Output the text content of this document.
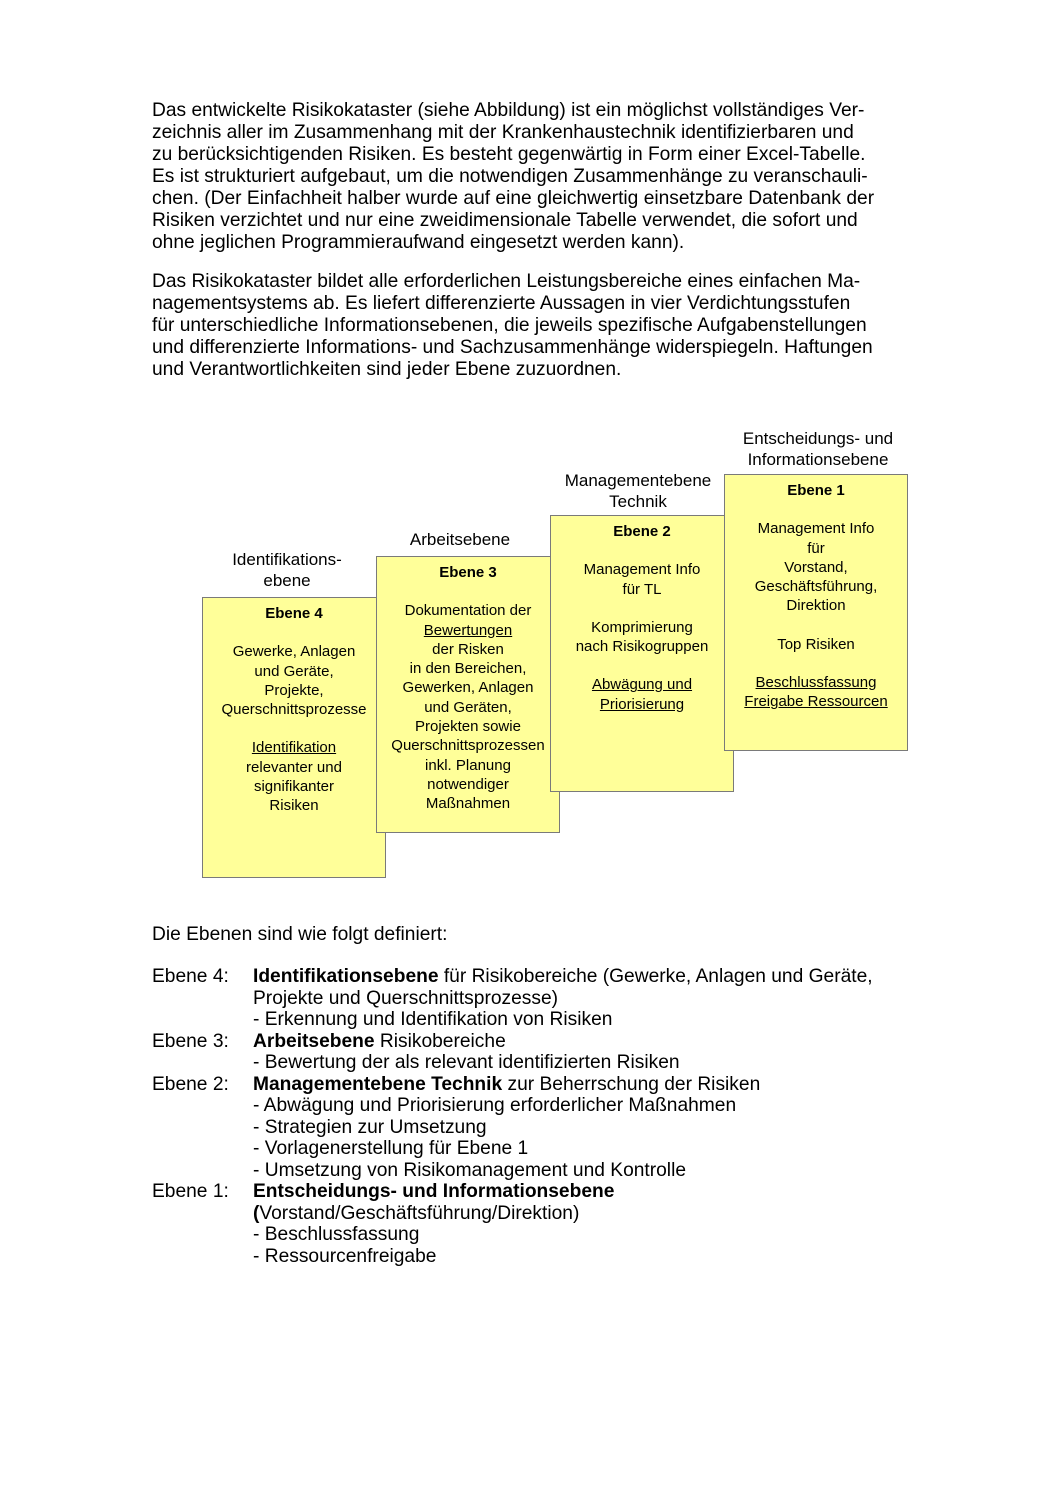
Das entwickelte Risikokataster (siehe Abbildung) ist ein möglichst vollständiges Ver-
zeichnis aller im Zusammenhang mit der Krankenhaustechnik identifizierbaren und
zu berücksichtigenden Risiken. Es besteht gegenwärtig in Form einer Excel-Tabelle.
Es ist strukturiert aufgebaut, um die notwendigen Zusammenhänge zu veranschauli-
chen. (Der Einfachheit halber wurde auf eine gleichwertig einsetzbare Datenbank der
Risiken verzichtet und nur eine zweidimensionale Tabelle verwendet, die sofort und
ohne jeglichen Programmieraufwand eingesetzt werden kann).

Das Risikokataster bildet alle erforderlichen Leistungsbereiche eines einfachen Ma-
nagementsystems ab. Es liefert differenzierte Aussagen in vier Verdichtungsstufen
für unterschiedliche Informationsebenen, die jeweils spezifische Aufgabenstellungen
und differenzierte Informations- und Sachzusammenhänge widerspiegeln. Haftungen
und Verantwortlichkeiten sind jeder Ebene zuzuordnen.

Identifikations-
ebene
Ebene 4
Gewerke, Anlagen
und Geräte,
Projekte,
Querschnittsprozesse
Identifikation
relevanter und
signifikanter
Risiken
Arbeitsebene
Ebene 3
Dokumentation der
Bewertungen
der Risken
in den Bereichen,
Gewerken, Anlagen
und Geräten,
Projekten sowie
Querschnittsprozessen
inkl. Planung
notwendiger
Maßnahmen
Managementebene
Technik
Ebene 2
Management Info
für TL
Komprimierung
nach Risikogruppen
Abwägung und
Priorisierung
Entscheidungs- und
Informationsebene
Ebene 1
Management Info
für
Vorstand,
Geschäftsführung,
Direktion
Top Risiken
Beschlussfassung
Freigabe Ressourcen
Die Ebenen sind wie folgt definiert:
Ebene 4: Identifikationsebene für Risikobereiche (Gewerke, Anlagen und Geräte,
Projekte und Querschnittsprozesse)
- Erkennung und Identifikation von Risiken
Ebene 3: Arbeitsebene Risikobereiche
- Bewertung der als relevant identifizierten Risiken
Ebene 2: Managementebene Technik zur Beherrschung der Risiken
- Abwägung und Priorisierung erforderlicher Maßnahmen
- Strategien zur Umsetzung
- Vorlagenerstellung für Ebene 1
- Umsetzung von Risikomanagement und Kontrolle
Ebene 1: Entscheidungs- und Informationsebene
(Vorstand/Geschäftsführung/Direktion)
- Beschlussfassung
- Ressourcenfreigabe
